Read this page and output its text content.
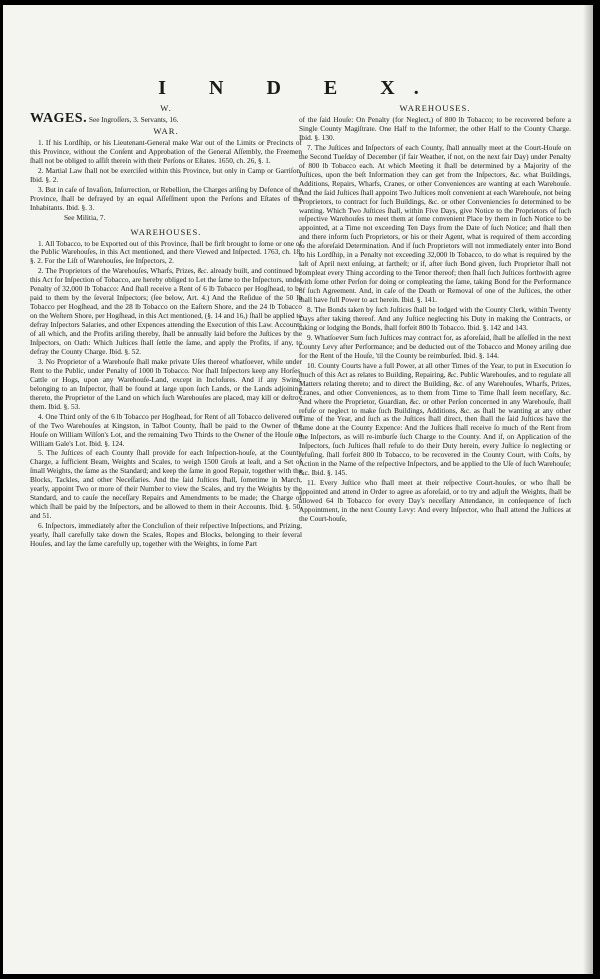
I N D E X.
W.

WAGES. See Ingroſſers, 3. Servants, 16.

WAR.

1. If his Lordſhip, or his Lieutenant-General make War out of the Limits or Precincts of this Province, without the Conſent and Approbation of the General Aſſembly, the Freemen ſhall not be obliged to aſſiſt therein with their Perſons or Eſtates. 1650, ch. 26, §. 1.

2. Martial Law ſhall not be exerciſed within this Province, but only in Camp or Garriſon. Ibid. §. 2.

3. But in caſe of Invaſion, Inſurrection, or Rebellion, the Charges ariſing by Defence of the Province, ſhall be defrayed by an equal Aſſeſſment upon the Perſons and Eſtates of the Inhabitants. Ibid. §. 3.

See Militia, 7.

WAREHOUSES.

1. All Tobacco, to be Exported out of this Province, ſhall be firſt brought to ſome or one of the Public Warehouſes, in this Act mentioned, and there Viewed and Inſpected. 1763, ch. 18, §. 2. For the Liſt of Warehouſes, ſee Inſpectors, 2.

2. The Proprietors of the Warehouſes, Wharfs, Prizes, &c. already built, and continued by this Act for Inſpection of Tobacco, are hereby obliged to Let the ſame to the Inſpectors, under Penalty of 32,000 lb Tobacco: And ſhall receive a Rent of 6 lb Tobacco per Hogſhead, to be paid to them by the ſeveral Inſpectors; (ſee below, Art. 4.) And the Reſidue of the 50 lb Tobacco per Hogſhead, and the 28 lb Tobacco on the Eaſtern Shore, and the 24 lb Tobacco on the Weſtern Shore, per Hogſhead, in this Act mentioned, (§. 14 and 16,) ſhall be applied to defray Inſpectors Salaries, and other Expences attending the Execution of this Law. Accounts of all which, and the Profits ariſing thereby, ſhall be annually laid before the Juſtices by the Inſpectors, on Oath: Which Juſtices ſhall ſettle the ſame, and apply the Profits, if any, to defray the County Charge. Ibid. §. 52.

3. No Proprietor of a Warehouſe ſhall make private Uſes thereof whatſoever, while under Rent to the Public, under Penalty of 1000 lb Tobacco. Nor ſhall Inſpectors keep any Horſes, Cattle or Hogs, upon any Warehouſe-Land, except in Incloſures. And if any Swine, belonging to an Inſpector, ſhall be found at large upon ſuch Lands, or the Lands adjoining thereto, the Proprietor of the Land on which ſuch Warehouſes are placed, may kill or deſtroy them. Ibid. §. 53.

4. One Third only of the 6 lb Tobacco per Hogſhead, for Rent of all Tobacco delivered out of the Two Warehouſes at Kingston, in Talbot County, ſhall be paid to the Owner of the Houſe on William Wilſon's Lot, and the remaining Two Thirds to the Owner of the Houſe on William Gale's Lot. Ibid. §. 124.

5. The Juſtices of each County ſhall provide for each Inſpection-houſe, at the County Charge, a ſufficient Beam, Weights and Scales, to weigh 1500 Groſs at leaſt, and a Set of ſmall Weights, the ſame as the Standard; and keep the ſame in good Repair, together with the Blocks, Tackles, and other Neceſſaries. And the ſaid Juſtices ſhall, ſometime in March, yearly, appoint Two or more of their Number to view the Scales, and try the Weights by the Standard, and to cauſe the neceſſary Repairs and Amendments to be made; the Charge of which ſhall be paid by the Inſpectors, and be allowed to them in their Accounts. Ibid. §. 50, and 51.

6. Inſpectors, immediately after the Concluſion of their reſpective Inſpections, and Prizing, yearly, ſhall carefully take down the Scales, Ropes and Blocks, belonging to their ſeveral Houſes, and lay the ſame carefully up, together with the Weights, in ſome Part

WAREHOUSES.

of the ſaid Houſe: On Penalty (for Neglect,) of 800 lb Tobacco; to be recovered before a Single County Magiſtrate. One Half to the Informer, the other Half to the County Charge. Ibid. §. 130.

7. The Juſtices and Inſpectors of each County, ſhall annually meet at the Court-Houſe on the Second Tueſday of December (if fair Weather, if not, on the next fair Day) under Penalty of 800 lb Tobacco each. At which Meeting it ſhall be determined by a Majority of the Juſtices, upon the beſt Information they can get from the Inſpectors, &c. what Buildings, Additions, Repairs, Wharfs, Cranes, or other Conveniences are wanting at each Warehouſe. And the ſaid Juſtices ſhall appoint Two Juſtices moſt convenient at each Warehouſe, not being Proprietors, to contract for ſuch Buildings, &c. or other Conveniencies ſo determined to be wanting. Which Two Juſtices ſhall, within Five Days, give Notice to the Proprietors of ſuch reſpective Warehouſes to meet them at ſome convenient Place by them in ſuch Notice to be appointed, at a Time not exceeding Ten Days from the Date of ſuch Notice; and ſhall then and there inform ſuch Proprietors, or his or their Agent, what is required of them according to the aforeſaid Determination. And if ſuch Proprietors will not immediately enter into Bond to his Lordſhip, in a Penalty not exceeding 32,000 lb Tobacco, to do what is required by the laſt of April next enſuing, at fartheſt; or if, after ſuch Bond given, ſuch Proprietor ſhall not compleat every Thing according to the Tenor thereof; then ſhall ſuch Juſtices forthwith agree with ſome other Perſon for doing or compleating the ſame, taking Bond for the Performance of ſuch Agreement. And, in caſe of the Death or Removal of one of the Juſtices, the other ſhall have full Power to act herein. Ibid. §. 141.

8. The Bonds taken by ſuch Juſtices ſhall be lodged with the County Clerk, within Twenty Days after taking thereof. And any Juſtice neglecting his Duty in making the Contracts, or taking or lodging the Bonds, ſhall forfeit 800 lb Tobacco. Ibid. §. 142 and 143.

9. Whatſoever Sum ſuch Juſtices may contract for, as aforeſaid, ſhall be aſſeſſed in the next County Levy after Performance; and be deducted out of the Tobacco and Money ariſing due for the Rent of the Houſe, 'til the County be reimburſed. Ibid. §. 144.

10. County Courts have a full Power, at all other Times of the Year, to put in Execution ſo much of this Act as relates to Building, Repairing, &c. Public Warehouſes, and to regulate all Matters relating thereto; and to direct the Building, &c. of any Warehouſes, Wharfs, Prizes, Cranes, and other Conveniences, as to them from Time to Time ſhall ſeem neceſſary, &c. And where the Proprietor, Guardian, &c. or other Perſon concerned in any Warehouſe, ſhall refuſe or neglect to make ſuch Buildings, Additions, &c. as ſhall be wanting at any other Time of the Year, and ſuch as the Juſtices ſhall direct, then ſhall the ſaid Juſtices have the ſame done at the County Expence: And the Juſtices ſhall receive ſo much of the Rent from the Inſpectors, as will re-imburſe ſuch Charge to the County. And if, on Application of the Inſpectors, ſuch Juſtices ſhall refuſe to do their Duty herein, every Juſtice ſo neglecting or refuſing, ſhall forfeit 800 lb Tobacco, to be recovered in the County Court, with Coſts, by Action in the Name of the reſpective Inſpectors, and be applied to the Uſe of ſuch Warehouſe; &c. Ibid. §. 145.

11. Every Juſtice who ſhall meet at their reſpective Court-houſes, or who ſhall be appointed and attend in Order to agree as aforeſaid, or to try and adjuſt the Weights, ſhall be allowed 64 lb Tobacco for every Day's neceſſary Attendance, in conſequence of ſuch Appointment, in the next County Levy: And every Inſpector, who ſhall attend the Juſtices at the Court-houſe,
